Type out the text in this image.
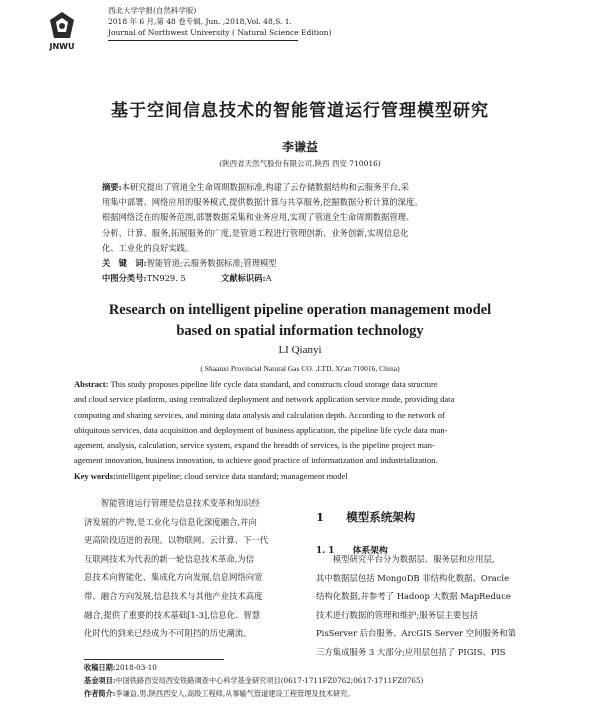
JNWU
西北大学学报(自然科学版)
2018 年 6 月,第 48 卷专辑, Jun. ,2018,Vol. 48,S. 1.
Journal of Northwest University ( Natural Science Edition)
基于空间信息技术的智能管道运行管理模型研究
李谦益
(陕西省天然气股份有限公司,陕西 西安 710016)
摘要:本研究提出了管道全生命周期数据标准,构建了云存储数据结构和云服务平台,采
用集中部署、网络应用的服务模式,提供数据计算与共享服务,挖掘数据分析计算的深度。
根据网络泛在的服务范围,部署数据采集和业务应用,实现了管道全生命周期数据管理、
分析、计算、服务,拓展服务的广度,是管道工程进行管理创新、业务创新,实现信息化
化、工业化的良好实践。
关　键　词:智能管道;云服务数据标准;管理模型
中图分类号:TN929. 5	文献标识码:A
Research on intelligent pipeline operation management model
based on spatial information technology
LI Qianyi
( Shaanxi Provincial Natural Gas CO. ,LTD, Xi'an 710016, China)
Abstract: This study proposes pipeline life cycle data standard, and constructs cloud storage data structure
and cloud service platform, using centralized deployment and network application service mode, providing data
computing and sharing services, and mining data analysis and calculation depth. According to the network of
ubiquitous services, data acquisition and deployment of business application, the pipeline life cycle data man-
agement, analysis, calculation, service system, expand the breadth of services, is the pipeline project man-
agement innovation, business innovation, to achieve good practice of informatization and industrialization.
Key words:intelligent pipeline; cloud service data standard; management model
　　智能管道运行管理是信息技术变革和知识经
济发展的产物,是工业化与信息化深度融合,并向
更高阶段迈进的表现。以物联网、云计算、下一代
互联网技术为代表的新一轮信息技术革命,为信
息技术向智能化、集成化方向发展,信息网络向宽
带、融合方向发展,信息技术与其他产业技术高度
融合,提供了重要的技术基础[1-3],信息化、智慧
化时代的到来已经成为不可阻挡的历史潮流。
1 模型系统架构
1. 1 体系架构
　　模型研究平台分为数据层、服务层和应用层,
其中数据层包括 MongoDB 非结构化数据、Oracle
结构化数据,并参考了 Hadoop 大数据 MapReduce
技术进行数据的管理和维护;服务层主要包括
PisServer 后台服务、ArcGIS Server 空间服务和第
三方集成服务 3 大部分;应用层包括了 PIGIS、PIS
收稿日期:2018-03-10
基金项目:中国铁路西安局西安铁路调查中心科学基金研究项目(0617-1711FZ0762;0617-1711FZ0765)
作者简介:李谦益,男,陕西西安人,高级工程师,从事输气管道建设工程管理及技术研究。
